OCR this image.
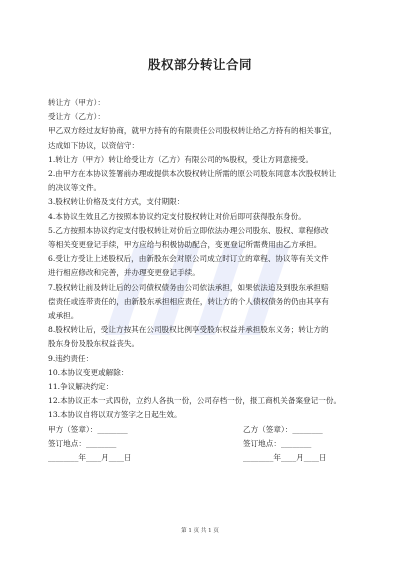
股权部分转让合同
转让方（甲方）：
受让方（乙方）：
甲乙双方经过友好协商，就甲方持有的有限责任公司股权转让给乙方持有的相关事宜，
达成如下协议，以资信守：
1.转让方（甲方）转让给受让方（乙方）有限公司的%股权，受让方同意接受。
2.由甲方在本协议签署前办理或提供本次股权转让所需的原公司股东同意本次股权转让
的决议等文件。
3.股权转让价格及支付方式，支付期限：
4.本协议生效且乙方按照本协议约定支付股权转让对价后即可获得股东身份。
5.乙方按照本协议约定支付股权转让对价后立即依法办理公司股东、股权、章程修改
等相关变更登记手续，甲方应给与积极协助配合，变更登记所需费用由乙方承担。
6.受让方受让上述股权后，由新股东会对原公司成立时订立的章程、协议等有关文件
进行相应修改和完善，并办理变更登记手续。
7.股权转让前及转让后的公司债权债务由公司依法承担，如果依法追及到股东承担赔
偿责任或连带责任的，由新股东承担相应责任，转让方的个人债权债务的仍由其享有
或承担。
8.股权转让后，受让方按其在公司股权比例享受股东权益并承担股东义务；转让方的
股东身份及股东权益丧失。
9.违约责任：
10.本协议变更或解除：
11.争议解决约定：
12.本协议正本一式四份，立约人各执一份，公司存档一份，报工商机关备案登记一份。
13.本协议自将以双方签字之日起生效。
甲方（签章）：________	乙方（签章）：________
签订地点：________	签订地点：________
________年____月____日	________年____月____日
第 1 页 共 1 页
